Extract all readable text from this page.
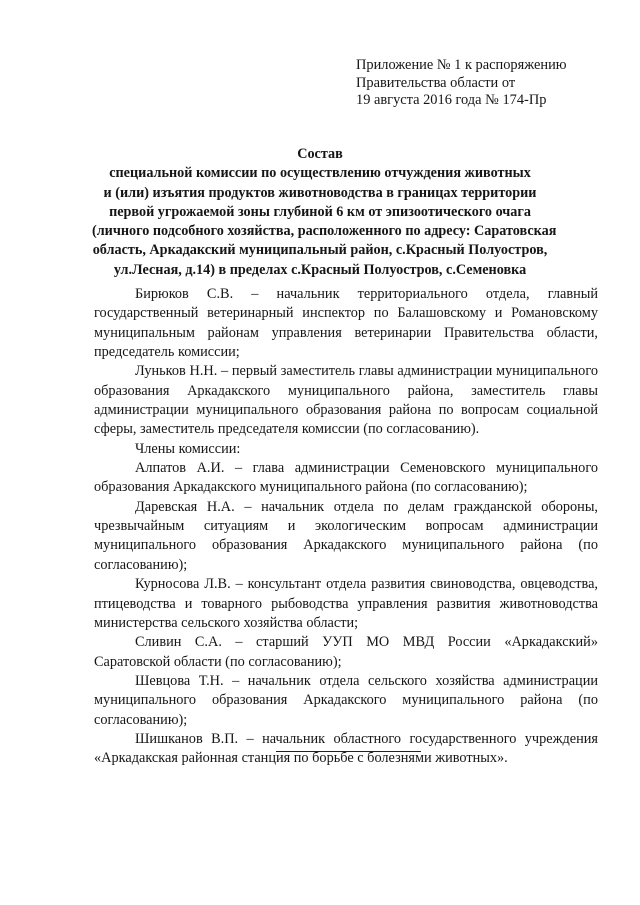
Приложение № 1 к распоряжению
Правительства области от
19 августа 2016 года № 174-Пр
Состав
специальной комиссии по осуществлению отчуждения животных
и (или) изъятия продуктов животноводства в границах территории
первой угрожаемой зоны глубиной 6 км от эпизоотического очага
(личного подсобного хозяйства, расположенного по адресу: Саратовская
область, Аркадакский муниципальный район, с.Красный Полуостров,
ул.Лесная, д.14) в пределах с.Красный Полуостров, с.Семеновка

Бирюков С.В. – начальник территориального отдела, главный государственный ветеринарный инспектор по Балашовскому и Романовскому муниципальным районам управления ветеринарии Правительства области, председатель комиссии;

Луньков Н.Н. – первый заместитель главы администрации муниципального образования Аркадакского муниципального района, заместитель главы администрации муниципального образования района по вопросам социальной сферы, заместитель председателя комиссии (по согласованию).

Члены комиссии:

Алпатов А.И. – глава администрации Семеновского муниципального образования Аркадакского муниципального района (по согласованию);

Даревская Н.А. – начальник отдела по делам гражданской обороны, чрезвычайным ситуациям и экологическим вопросам администрации муниципального образования Аркадакского муниципального района (по согласованию);

Курносова Л.В. – консультант отдела развития свиноводства, овцеводства, птицеводства и товарного рыбоводства управления развития животноводства министерства сельского хозяйства области;

Сливин С.А. – старший УУП МО МВД России «Аркадакский» Саратовской области (по согласованию);

Шевцова Т.Н. – начальник отдела сельского хозяйства администрации муниципального образования Аркадакского муниципального района (по согласованию);

Шишканов В.П. – начальник областного государственного учреждения «Аркадакская районная станция по борьбе с болезнями животных».
